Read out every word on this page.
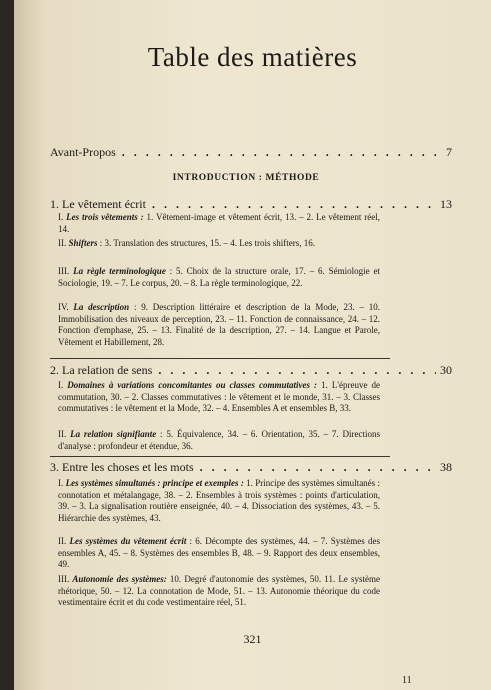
Table des matières
Avant-Propos . . .	7
INTRODUCTION : MÉTHODE
1. Le vêtement écrit . . .	13
I. Les trois vêtements : 1. Vêtement-image et vêtement écrit, 13. – 2. Le vêtement réel, 14.
II. Shifters : 3. Translation des structures, 15. – 4. Les trois shifters, 16.
III. La règle terminologique : 5. Choix de la structure orale, 17. – 6. Sémiologie et Sociologie, 19. – 7. Le corpus, 20. – 8. La règle terminologique, 22.
IV. La description : 9. Description littéraire et description de la Mode, 23. – 10. Immobilisation des niveaux de perception, 23. – 11. Fonction de connaissance, 24. – 12. Fonction d'emphase, 25. – 13. Finalité de la description, 27. – 14. Langue et Parole, Vêtement et Habillement, 28.
2. La relation de sens . . .	30
I. Domaines à variations concomitantes ou classes commutatives : 1. L'épreuve de commutation, 30. – 2. Classes commutatives : le vêtement et le monde, 31. – 3. Classes commutatives : le vêtement et la Mode, 32. – 4. Ensembles A et ensembles B, 33.
II. La relation signifiante : 5. Équivalence, 34. – 6. Orientation, 35. – 7. Directions d'analyse : profondeur et étendue, 36.
3. Entre les choses et les mots . . .	38
I. Les systèmes simultanés : principe et exemples : 1. Principe des systèmes simultanés : connotation et métalangage, 38. – 2. Ensembles à trois systèmes : points d'articulation, 39. – 3. La signalisation routière enseignée, 40. – 4. Dissociation des systèmes, 43. – 5. Hiérarchie des systèmes, 43.
II. Les systèmes du vêtement écrit : 6. Décompte des systèmes, 44. – 7. Systèmes des ensembles A, 45. – 8. Systèmes des ensembles B, 48. – 9. Rapport des deux ensembles, 49.
III. Autonomie des systèmes: 10. Degré d'autonomie des systèmes, 50. 11. Le système rhétorique, 50. – 12. La connotation de Mode, 51. – 13. Autonomie théorique du code vestimentaire écrit et du code vestimentaire réel, 51.
321
11
